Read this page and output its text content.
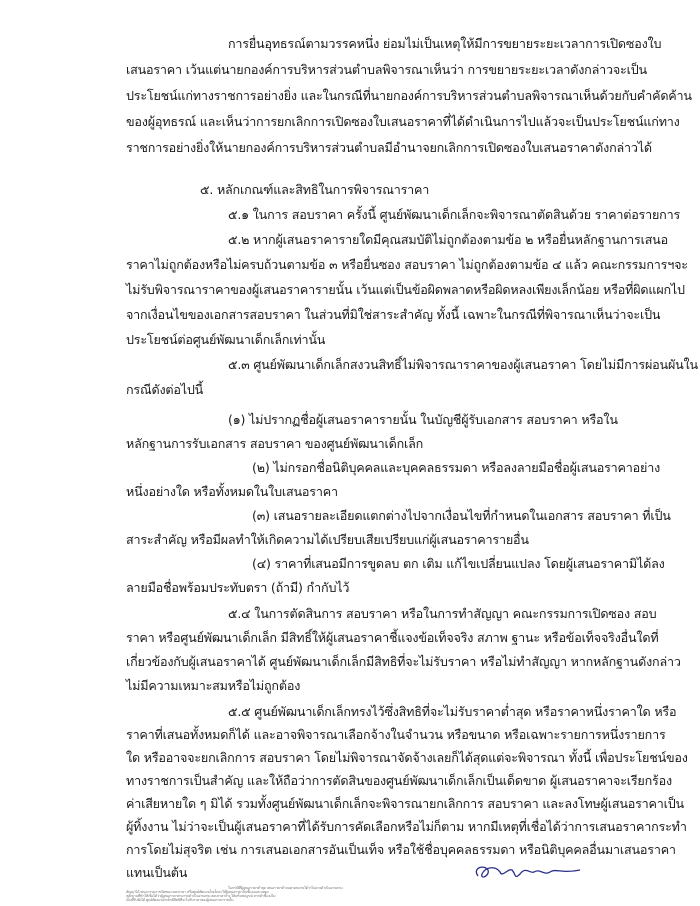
การยื่นอุทธรณ์ตามวรรคหนึ่ง ย่อมไม่เป็นเหตุให้มีการขยายระยะเวลาการเปิดซองใบ
เสนอราคา เว้นแต่นายกองค์การบริหารส่วนตำบลพิจารณาเห็นว่า การขยายระยะเวลาดังกล่าวจะเป็น
ประโยชน์แก่ทางราชการอย่างยิ่ง และในกรณีที่นายกองค์การบริหารส่วนตำบลพิจารณาเห็นด้วยกับคำคัดค้าน
ของผู้อุทธรณ์ และเห็นว่าการยกเลิกการเปิดซองใบเสนอราคาที่ได้ดำเนินการไปแล้วจะเป็นประโยชน์แก่ทาง
ราชการอย่างยิ่งให้นายกองค์การบริหารส่วนตำบลมีอำนาจยกเลิกการเปิดซองใบเสนอราคาดังกล่าวได้
๕. หลักเกณฑ์และสิทธิในการพิจารณาราคา
๕.๑ ในการ สอบราคา ครั้งนี้ ศูนย์พัฒนาเด็กเล็กจะพิจารณาตัดสินด้วย ราคาต่อรายการ
๕.๒ หากผู้เสนอราคารายใดมีคุณสมบัติไม่ถูกต้องตามข้อ ๒ หรือยื่นหลักฐานการเสนอ
ราคาไม่ถูกต้องหรือไม่ครบถ้วนตามข้อ ๓ หรือยื่นซอง สอบราคา ไม่ถูกต้องตามข้อ ๔ แล้ว คณะกรรมการฯจะ
ไม่รับพิจารณาราคาของผู้เสนอราคารายนั้น เว้นแต่เป็นข้อผิดพลาดหรือผิดหลงเพียงเล็กน้อย หรือที่ผิดแผกไป
จากเงื่อนไขของเอกสารสอบราคา ในส่วนที่มิใช่สาระสำคัญ ทั้งนี้ เฉพาะในกรณีที่พิจารณาเห็นว่าจะเป็น
ประโยชน์ต่อศูนย์พัฒนาเด็กเล็กเท่านั้น
๕.๓ ศูนย์พัฒนาเด็กเล็กสงวนสิทธิ์ไม่พิจารณาราคาของผู้เสนอราคา โดยไม่มีการผ่อนผันใน
กรณีดังต่อไปนี้
(๑) ไม่ปรากฏชื่อผู้เสนอราคารายนั้น ในบัญชีผู้รับเอกสาร สอบราคา หรือใน
หลักฐานการรับเอกสาร สอบราคา ของศูนย์พัฒนาเด็กเล็ก
(๒) ไม่กรอกชื่อนิติบุคคลและบุคคลธรรมดา หรือลงลายมือชื่อผู้เสนอราคาอย่าง
หนึ่งอย่างใด หรือทั้งหมดในใบเสนอราคา
(๓) เสนอรายละเอียดแตกต่างไปจากเงื่อนไขที่กำหนดในเอกสาร สอบราคา ที่เป็น
สาระสำคัญ หรือมีผลทำให้เกิดความได้เปรียบเสียเปรียบแก่ผู้เสนอราคารายอื่น
(๔) ราคาที่เสนอมีการขูดลบ ตก เติม แก้ไขเปลี่ยนแปลง โดยผู้เสนอราคามิได้ลง
ลายมือชื่อพร้อมประทับตรา (ถ้ามี) กำกับไว้
๕.๔ ในการตัดสินการ สอบราคา หรือในการทำสัญญา คณะกรรมการเปิดซอง สอบ
ราคา หรือศูนย์พัฒนาเด็กเล็ก มีสิทธิ์ให้ผู้เสนอราคาชี้แจงข้อเท็จจริง สภาพ ฐานะ หรือข้อเท็จจริงอื่นใดที่
เกี่ยวข้องกับผู้เสนอราคาได้ ศูนย์พัฒนาเด็กเล็กมีสิทธิที่จะไม่รับราคา หรือไม่ทำสัญญา หากหลักฐานดังกล่าว
ไม่มีความเหมาะสมหรือไม่ถูกต้อง
๕.๕ ศูนย์พัฒนาเด็กเล็กทรงไว้ซึ่งสิทธิที่จะไม่รับราคาต่ำสุด หรือราคาหนึ่งราคาใด หรือ
ราคาที่เสนอทั้งหมดก็ได้ และอาจพิจารณาเลือกจ้างในจำนวน หรือขนาด หรือเฉพาะรายการหนึ่งรายการ
ใด หรืออาจจะยกเลิกการ สอบราคา โดยไม่พิจารณาจัดจ้างเลยก็ได้สุดแต่จะพิจารณา ทั้งนี้ เพื่อประโยชน์ของ
ทางราชการเป็นสำคัญ และให้ถือว่าการตัดสินของศูนย์พัฒนาเด็กเล็กเป็นเด็ดขาด ผู้เสนอราคาจะเรียกร้อง
ค่าเสียหายใด ๆ มิได้ รวมทั้งศูนย์พัฒนาเด็กเล็กจะพิจารณายกเลิกการ สอบราคา และลงโทษผู้เสนอราคาเป็น
ผู้ทิ้งงาน ไม่ว่าจะเป็นผู้เสนอราคาที่ได้รับการคัดเลือกหรือไม่ก็ตาม หากมีเหตุที่เชื่อได้ว่าการเสนอราคากระทำ
การโดยไม่สุจริต เช่น การเสนอเอกสารอันเป็นเท็จ หรือใช้ชื่อบุคคลธรรมดา หรือนิติบุคคลอื่นมาเสนอราคา
แทนเป็นต้น
ในกรณีที่ผู้เสนอราคาต่ำสุด เสนอราคาต่ำจนคาดหมายได้ว่าไม่อาจดำเนินงานตาม
สัญญาได้ คณะกรรมการเปิดซอง สอบราคา หรือศูนย์พัฒนาเด็กเล็กจะให้ผู้เสนอราคานั้นชี้แจงและแสดง
หลักฐานที่ทำให้เชื่อได้ว่าผู้เสนอราคาสามารถดำเนินงานตาม สอบราคาจ้าง ให้เสร็จสมบูรณ์ หากคำชี้แจงไม่
เป็นที่รับฟังได้ ศูนย์พัฒนาเด็กเล็กมีสิทธิที่จะไม่รับราคาของผู้เสนอราคารายนั้น
